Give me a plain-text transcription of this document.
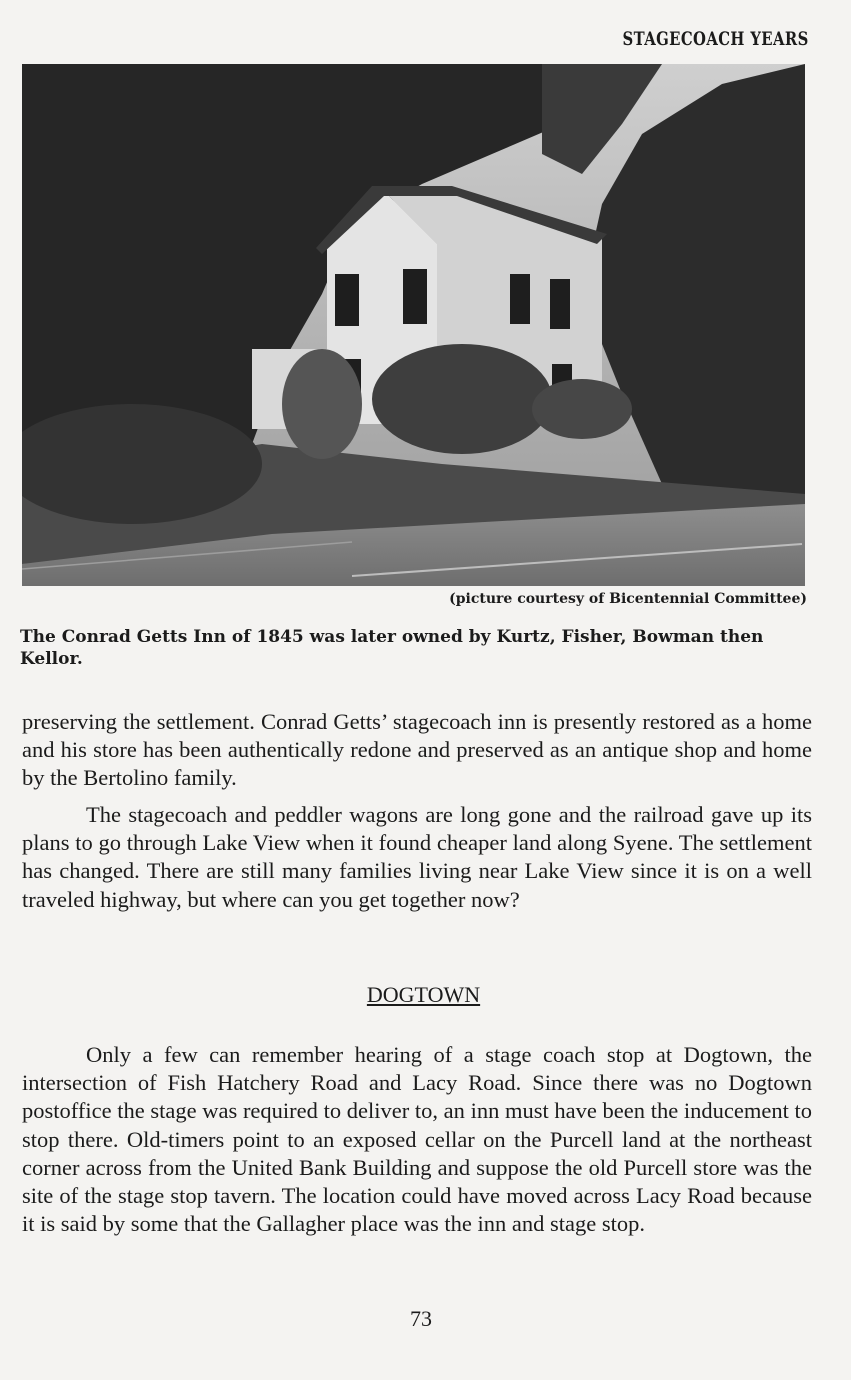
STAGECOACH YEARS
(picture courtesy of Bicentennial Committee)
The Conrad Getts Inn of 1845 was later owned by Kurtz, Fisher, Bowman then Kellor.

preserving the settlement. Conrad Getts’ stagecoach inn is presently restored as a home and his store has been authentically redone and preserved as an antique shop and home by the Bertolino family.

The stagecoach and peddler wagons are long gone and the railroad gave up its plans to go through Lake View when it found cheaper land along Syene. The settlement has changed. There are still many families living near Lake View since it is on a well traveled highway, but where can you get together now?

DOGTOWN

Only a few can remember hearing of a stage coach stop at Dogtown, the intersection of Fish Hatchery Road and Lacy Road. Since there was no Dogtown postoffice the stage was required to deliver to, an inn must have been the inducement to stop there. Old-timers point to an exposed cellar on the Purcell land at the northeast corner across from the United Bank Building and suppose the old Purcell store was the site of the stage stop tavern. The location could have moved across Lacy Road because it is said by some that the Gallagher place was the inn and stage stop.

73
